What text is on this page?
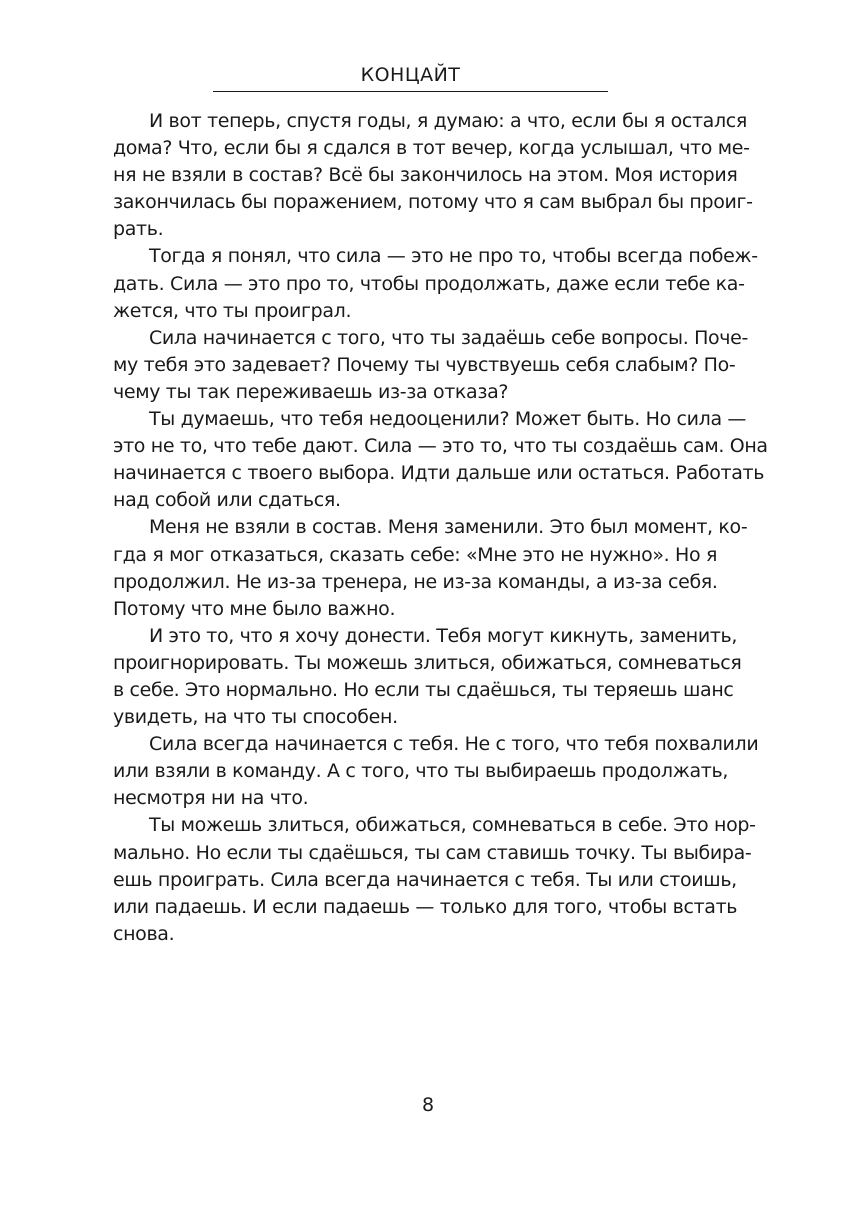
КОНЦАЙТ
И вот теперь, спустя годы, я думаю: а что, если бы я остался
дома? Что, если бы я сдался в тот вечер, когда услышал, что ме-
ня не взяли в состав? Всё бы закончилось на этом. Моя история
закончилась бы поражением, потому что я сам выбрал бы проиг-
рать.
Тогда я понял, что сила — это не про то, чтобы всегда побеж-
дать. Сила — это про то, чтобы продолжать, даже если тебе ка-
жется, что ты проиграл.
Сила начинается с того, что ты задаёшь себе вопросы. Поче-
му тебя это задевает? Почему ты чувствуешь себя слабым? По-
чему ты так переживаешь из-за отказа?
Ты думаешь, что тебя недооценили? Может быть. Но сила —
это не то, что тебе дают. Сила — это то, что ты создаёшь сам. Она
начинается с твоего выбора. Идти дальше или остаться. Работать
над собой или сдаться.
Меня не взяли в состав. Меня заменили. Это был момент, ко-
гда я мог отказаться, сказать себе: «Мне это не нужно». Но я
продолжил. Не из-за тренера, не из-за команды, а из-за себя.
Потому что мне было важно.
И это то, что я хочу донести. Тебя могут кикнуть, заменить,
проигнорировать. Ты можешь злиться, обижаться, сомневаться
в себе. Это нормально. Но если ты сдаёшься, ты теряешь шанс
увидеть, на что ты способен.
Сила всегда начинается с тебя. Не с того, что тебя похвалили
или взяли в команду. А с того, что ты выбираешь продолжать,
несмотря ни на что.
Ты можешь злиться, обижаться, сомневаться в себе. Это нор-
мально. Но если ты сдаёшься, ты сам ставишь точку. Ты выбира-
ешь проиграть. Сила всегда начинается с тебя. Ты или стоишь,
или падаешь. И если падаешь — только для того, чтобы встать
снова.
8
